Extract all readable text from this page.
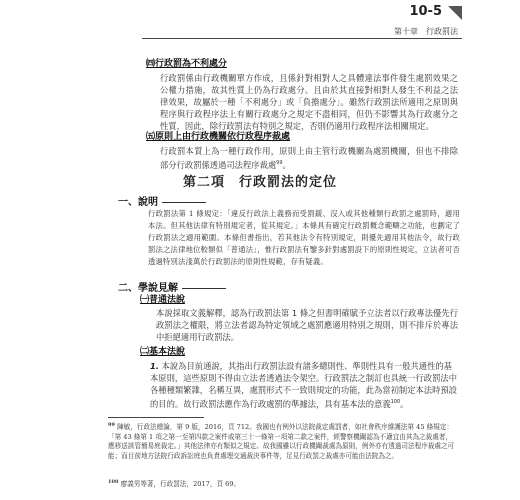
10-5
第十章　行政罰法
㈣行政罰為不利處分

行政罰係由行政機關單方作成，且係針對相對人之具體違法事件發生處罰效果之公權力措施，故其性質上仍為行政處分。且由於其直接對相對人發生不利益之法律效果，故屬於一種「不利處分」或「負擔處分」。雖然行政罰法所適用之原則與程序與行政程序法上有關行政處分之規定不盡相同，但仍不影響其為行政處分之性質，因此，除行政罰法有特別之規定，否則仍適用行政程序法相關規定。

㈤原則上由行政機關依行政程序裁處

行政罰本質上為一種行政作用，原則上由主管行政機關為處罰機關，但也不排除部分行政罰係透過司法程序裁處$^{99}$。

第二項　行政罰法的定位
一、說明

行政罰法第 1 條規定：「違反行政法上義務而受罰鍰、沒入或其他種類行政罰之處罰時，適用本法。但其他法律有特別規定者，從其規定。」本條具有確定行政罰概念範疇之功能，也劃定了行政罰法之適用範圍。本條但書指出，若其他法令有特別規定，則優先適用其他法令，故行政罰法之法律地位較類似「普通法」，惟行政罰法有鑒多針對處罰設下的原則性規定，立法者可否透過特別法淺萬於行政罰法的原則性規範，存有疑義。

二、學說見解
㈠普通法說

本說採取文義解釋，認為行政罰法第 1 條之但書明確賦予立法者以行政專法優先行政罰法之權限，將立法者認為特定領域之處罰應適用特別之規則，則不排斥於專法中拒絕適用行政罰法。

㈡基本法說
1. 本說為目前通說，其指出行政罰法設有諸多總則性、準則性具有一般共通性的基本原則，這些原則不得由立法者透過法令架空。行政罰法之制訂也具統一行政罰法中各種種類繁雜，名稱互異，處罰形式不一致則規定的功能，此為當初制定本法時預設的目的。故行政罰法應作為行政處罰的準據法，具有基本法的意義$^{100}$。

$^{99}$ 陳敏，行政法總論，第 9 版，2016，頁 712。我國也有例外以法院裁定處罰者，如社會秩序維護法第 45 條規定：「第 43 條第 1 項之第一至第四款之案件或第三十一條第一項第二款之案件，經警察機關認為不適宜由其為之裁處者，應移送該管簡易庭裁定。」其他法律亦有類似之規定。故我國雖以行政機關裁處為原則，例外亦有透過司法程序裁處之可能；而目前地方法院行政訴訟庭也負責處理交通裁決事件等，足見行政罰之裁處亦可能由法院為之。

$^{100}$ 廖義男等著，行政罰法，2017，頁 69。
